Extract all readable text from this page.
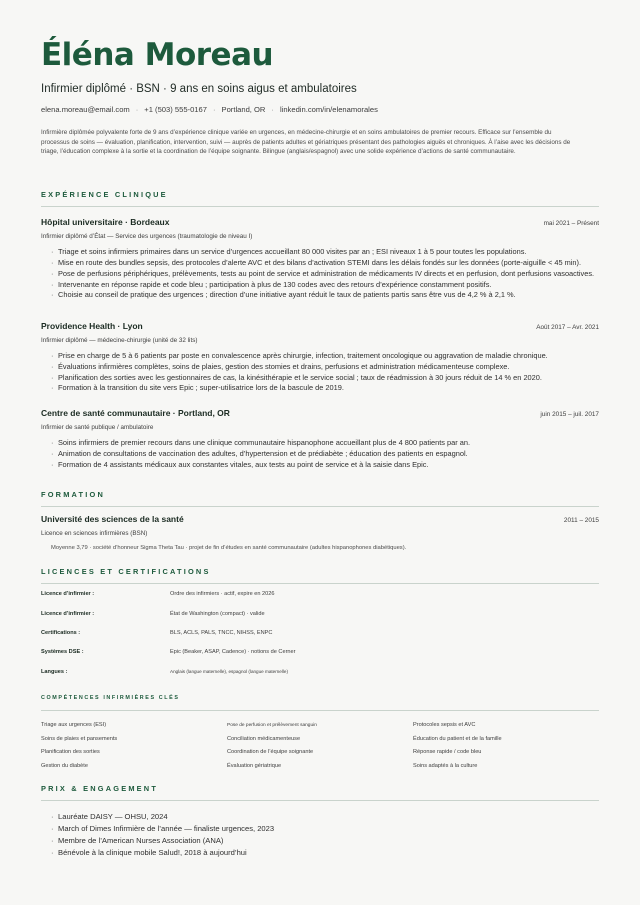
Éléna Moreau
Infirmier diplômé · BSN · 9 ans en soins aigus et ambulatoires
elena.moreau@email.com · +1 (503) 555-0167 · Portland, OR · linkedin.com/in/elenamorales

Infirmière diplômée polyvalente forte de 9 ans d’expérience clinique variée en urgences, en médecine-chirurgie et en soins ambulatoires de premier recours. Efficace sur l’ensemble du processus de soins — évaluation, planification, intervention, suivi — auprès de patients adultes et gériatriques présentant des pathologies aiguës et chroniques. À l’aise avec les décisions de triage, l’éducation complexe à la sortie et la coordination de l’équipe soignante. Bilingue (anglais/espagnol) avec une solide expérience d’actions de santé communautaire.

EXPÉRIENCE CLINIQUE
Hôpital universitaire · Bordeaux	mai 2021 – Présent
Infirmier diplômé d’État — Service des urgences (traumatologie de niveau I)
· Triage et soins infirmiers primaires dans un service d’urgences accueillant 80 000 visites par an ; ESI niveaux 1 à 5 pour toutes les populations.
· Mise en route des bundles sepsis, des protocoles d’alerte AVC et des bilans d’activation STEMI dans les délais fondés sur les données (porte-aiguille < 45 min).
· Pose de perfusions périphériques, prélèvements, tests au point de service et administration de médicaments IV directs et en perfusion, dont perfusions vasoactives.
· Intervenante en réponse rapide et code bleu ; participation à plus de 130 codes avec des retours d’expérience constamment positifs.
· Choisie au conseil de pratique des urgences ; direction d’une initiative ayant réduit le taux de patients partis sans être vus de 4,2 % à 2,1 %.
Providence Health · Lyon	Août 2017 – Avr. 2021
Infirmier diplômé — médecine-chirurgie (unité de 32 lits)
· Prise en charge de 5 à 6 patients par poste en convalescence après chirurgie, infection, traitement oncologique ou aggravation de maladie chronique.
· Évaluations infirmières complètes, soins de plaies, gestion des stomies et drains, perfusions et administration médicamenteuse complexe.
· Planification des sorties avec les gestionnaires de cas, la kinésithérapie et le service social ; taux de réadmission à 30 jours réduit de 14 % en 2020.
· Formation à la transition du site vers Epic ; super-utilisatrice lors de la bascule de 2019.
Centre de santé communautaire · Portland, OR	juin 2015 – juil. 2017
Infirmier de santé publique / ambulatoire
· Soins infirmiers de premier recours dans une clinique communautaire hispanophone accueillant plus de 4 800 patients par an.
· Animation de consultations de vaccination des adultes, d’hypertension et de prédiabète ; éducation des patients en espagnol.
· Formation de 4 assistants médicaux aux constantes vitales, aux tests au point de service et à la saisie dans Epic.
FORMATION
Université des sciences de la santé	2011 – 2015
Licence en sciences infirmières (BSN)
Moyenne 3,79 · société d’honneur Sigma Theta Tau · projet de fin d’études en santé communautaire (adultes hispanophones diabétiques).
LICENCES ET CERTIFICATIONS
Licence d’infirmier :	Ordre des infirmiers · actif, expire en 2026
Licence d’infirmier :	État de Washington (compact) · valide
Certifications :	BLS, ACLS, PALS, TNCC, NIHSS, ENPC
Systèmes DSE :	Epic (Beaker, ASAP, Cadence) · notions de Cerner
Langues :	Anglais (langue maternelle), espagnol (langue maternelle)
COMPÉTENCES INFIRMIÈRES CLÉS
Triage aux urgences (ESI)	Pose de perfusion et prélèvement sanguin	Protocoles sepsis et AVC
Soins de plaies et pansements	Conciliation médicamenteuse	Éducation du patient et de la famille
Planification des sorties	Coordination de l’équipe soignante	Réponse rapide / code bleu
Gestion du diabète	Évaluation gériatrique	Soins adaptés à la culture
PRIX & ENGAGEMENT
· Lauréate DAISY — OHSU, 2024
· March of Dimes Infirmière de l’année — finaliste urgences, 2023
· Membre de l’American Nurses Association (ANA)
· Bénévole à la clinique mobile Salud!, 2018 à aujourd’hui
